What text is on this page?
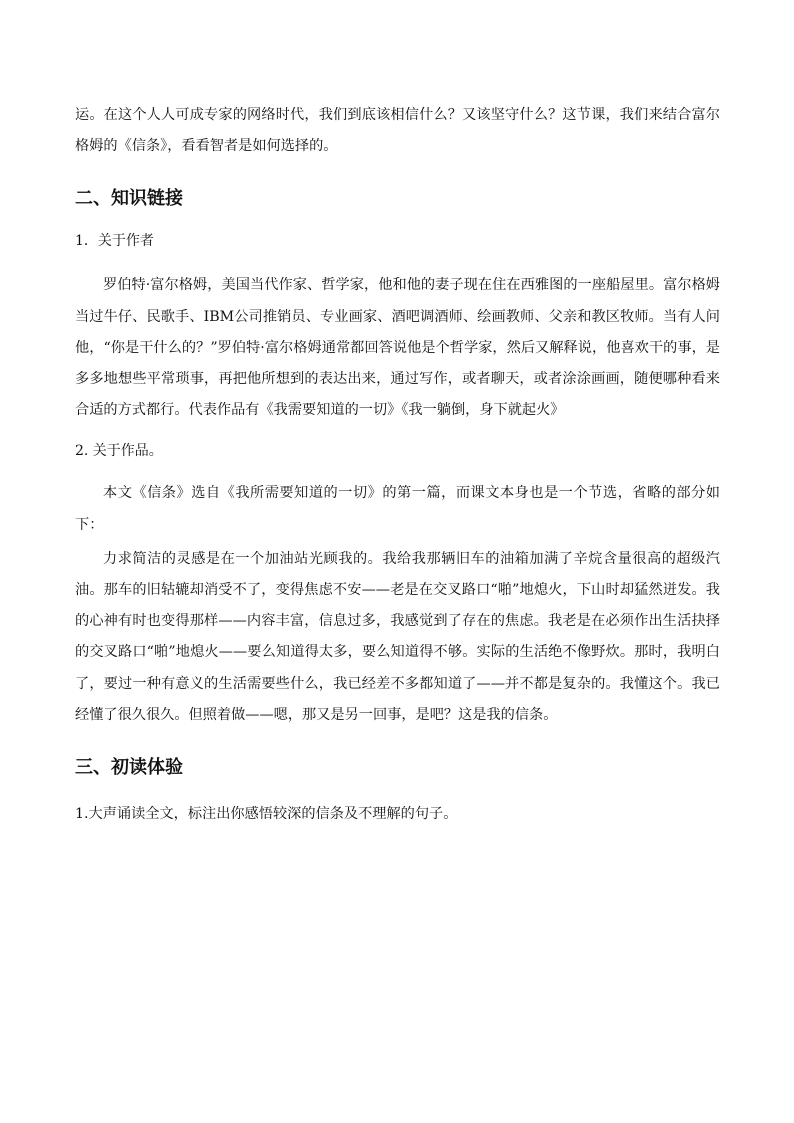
运。在这个人人可成专家的网络时代，我们到底该相信什么？又该坚守什么？这节课，我们来结合富尔格姆的《信条》，看看智者是如何选择的。

二、知识链接

1．关于作者

罗伯特·富尔格姆，美国当代作家、哲学家，他和他的妻子现在住在西雅图的一座船屋里。富尔格姆当过牛仔、民歌手、IBM公司推销员、专业画家、酒吧调酒师、绘画教师、父亲和教区牧师。当有人问他，“你是干什么的？”罗伯特·富尔格姆通常都回答说他是个哲学家，然后又解释说，他喜欢干的事，是多多地想些平常琐事，再把他所想到的表达出来，通过写作，或者聊天，或者涂涂画画，随便哪种看来合适的方式都行。代表作品有《我需要知道的一切》《我一躺倒，身下就起火》

2. 关于作品。

本文《信条》选自《我所需要知道的一切》的第一篇，而课文本身也是一个节选，省略的部分如下：

力求简洁的灵感是在一个加油站光顾我的。我给我那辆旧车的油箱加满了辛烷含量很高的超级汽油。那车的旧轱辘却消受不了，变得焦虑不安——老是在交叉路口“啪”地熄火，下山时却猛然迸发。我的心神有时也变得那样——内容丰富，信息过多，我感觉到了存在的焦虑。我老是在必须作出生活抉择的交叉路口“啪”地熄火——要么知道得太多，要么知道得不够。实际的生活绝不像野炊。那时，我明白了，要过一种有意义的生活需要些什么，我已经差不多都知道了——并不都是复杂的。我懂这个。我已经懂了很久很久。但照着做——嗯，那又是另一回事，是吧？这是我的信条。

三、初读体验

1.大声诵读全文，标注出你感悟较深的信条及不理解的句子。
